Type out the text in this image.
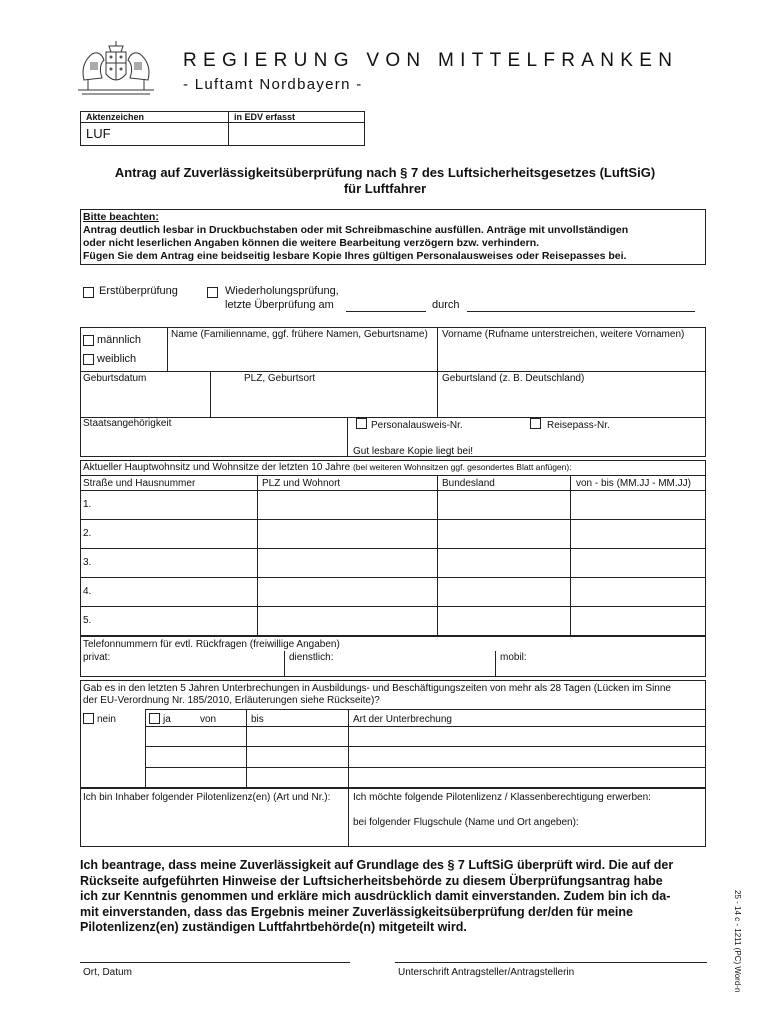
REGIERUNG VON MITTELFRANKEN
- Luftamt Nordbayern -
Aktenzeichen	in EDV erfasst
LUF
Antrag auf Zuverlässigkeitsüberprüfung nach § 7 des Luftsicherheitsgesetzes (LuftSiG)
für Luftfahrer
Bitte beachten:
Antrag deutlich lesbar in Druckbuchstaben oder mit Schreibmaschine ausfüllen. Anträge mit unvollständigen
oder nicht leserlichen Angaben können die weitere Bearbeitung verzögern bzw. verhindern.
Fügen Sie dem Antrag eine beidseitig lesbare Kopie Ihres gültigen Personalausweises oder Reisepasses bei.
Erstüberprüfung	Wiederholungsprüfung,
letzte Überprüfung am	durch
männlich
weiblich
Name (Familienname, ggf. frühere Namen, Geburtsname) Vorname (Rufname unterstreichen, weitere Vornamen)
Geburtsdatum	PLZ, Geburtsort	Geburtsland (z. B. Deutschland)
Staatsangehörigkeit	Personalausweis-Nr.	Reisepass-Nr.
Gut lesbare Kopie liegt bei!
Aktueller Hauptwohnsitz und Wohnsitze der letzten 10 Jahre (bei weiteren Wohnsitzen ggf. gesondertes Blatt anfügen):
Straße und Hausnummer	PLZ und Wohnort	Bundesland	von - bis (MM.JJ - MM.JJ)
1.
2.
3.
4.
5.
Telefonnummern für evtl. Rückfragen (freiwillige Angaben)
privat:	dienstlich:	mobil:
Gab es in den letzten 5 Jahren Unterbrechungen in Ausbildungs- und Beschäftigungszeiten von mehr als 28 Tagen (Lücken im Sinne
der EU-Verordnung Nr. 185/2010, Erläuterungen siehe Rückseite)?
nein	ja	von	bis	Art der Unterbrechung
Ich bin Inhaber folgender Pilotenlizenz(en) (Art und Nr.): Ich möchte folgende Pilotenlizenz / Klassenberechtigung erwerben:
bei folgender Flugschule (Name und Ort angeben):
Ich beantrage, dass meine Zuverlässigkeit auf Grundlage des § 7 LuftSiG überprüft wird. Die auf der
Rückseite aufgeführten Hinweise der Luftsicherheitsbehörde zu diesem Überprüfungsantrag habe
ich zur Kenntnis genommen und erkläre mich ausdrücklich damit einverstanden. Zudem bin ich da-
mit einverstanden, dass das Ergebnis meiner Zuverlässigkeitsüberprüfung der/den für meine
Pilotenlizenz(en) zuständigen Luftfahrtbehörde(n) mitgeteilt wird.	25 - 14 c - 1211 (PC) Word-n
Ort, Datum	Unterschrift Antragsteller/Antragstellerin
